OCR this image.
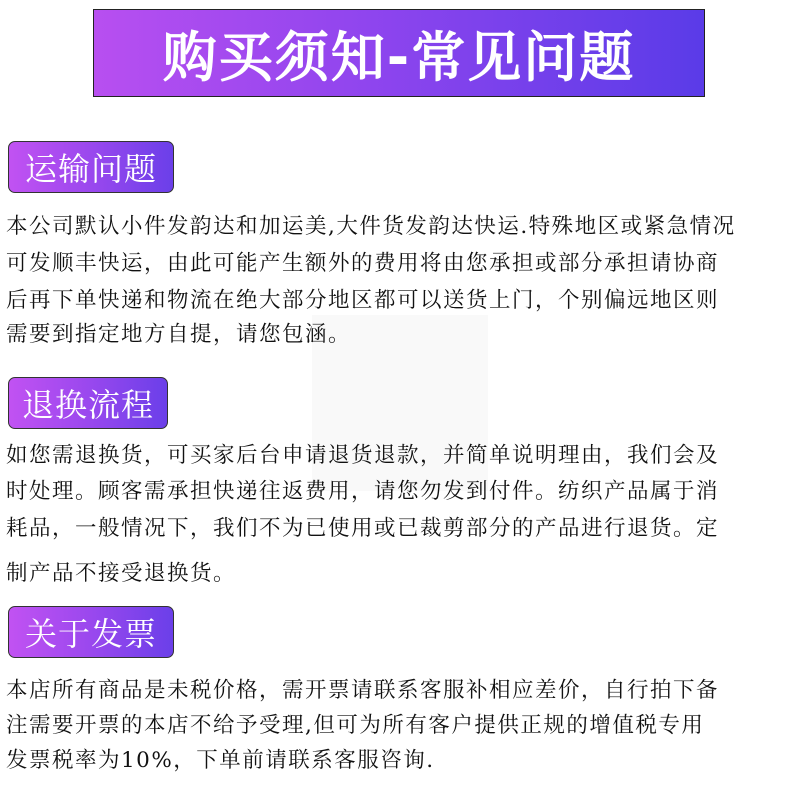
购买须知-常见问题
运输问题
本公司默认小件发韵达和加运美,大件货发韵达快运.特殊地区或紧急情况
可发顺丰快运，由此可能产生额外的费用将由您承担或部分承担请协商
后再下单快递和物流在绝大部分地区都可以送货上门，个别偏远地区则
需要到指定地方自提，请您包涵。
退换流程
如您需退换货，可买家后台申请退货退款，并简单说明理由，我们会及
时处理。顾客需承担快递往返费用，请您勿发到付件。纺织产品属于消
耗品，一般情况下，我们不为已使用或已裁剪部分的产品进行退货。定
制产品不接受退换货。
关于发票
本店所有商品是未税价格，需开票请联系客服补相应差价，自行拍下备
注需要开票的本店不给予受理,但可为所有客户提供正规的增值税专用
发票税率为10%，下单前请联系客服咨询.
